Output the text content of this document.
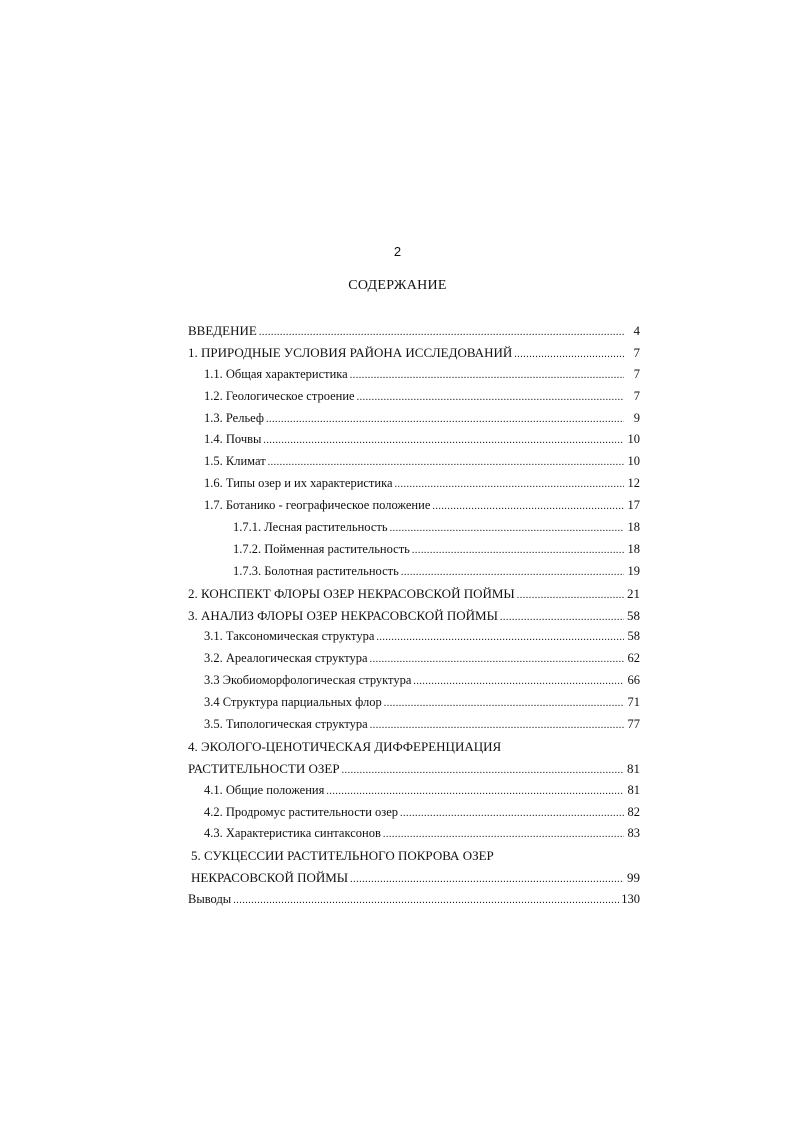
2
СОДЕРЖАНИЕ
ВВЕДЕНИЕ .....	4
1. ПРИРОДНЫЕ УСЛОВИЯ РАЙОНА ИССЛЕДОВАНИЙ .....	7
1.1. Общая характеристика .....	7
1.2. Геологическое строение .....	7
1.3. Рельеф .....	9
1.4. Почвы .....	10
1.5. Климат .....	10
1.6. Типы озер и их характеристика .....	12
1.7. Ботанико - географическое положение .....	17
1.7.1. Лесная растительность .....	18
1.7.2. Пойменная растительность .....	18
1.7.3. Болотная растительность .....	19
2. КОНСПЕКТ ФЛОРЫ ОЗЕР НЕКРАСОВСКОЙ ПОЙМЫ .....	21
3. АНАЛИЗ ФЛОРЫ ОЗЕР НЕКРАСОВСКОЙ ПОЙМЫ .....	58
3.1. Таксономическая структура .....	58
3.2. Ареалогическая структура .....	62
3.3 Экобиоморфологическая структура .....	66
3.4 Структура парциальных флор .....	71
3.5. Типологическая структура .....	77
4. ЭКОЛОГО-ЦЕНОТИЧЕСКАЯ ДИФФЕРЕНЦИАЦИЯ
РАСТИТЕЛЬНОСТИ ОЗЕР .....	81
4.1. Общие положения .....	81
4.2. Продромус растительности озер .....	82
4.3. Характеристика синтаксонов .....	83
5. СУКЦЕССИИ РАСТИТЕЛЬНОГО ПОКРОВА ОЗЕР
НЕКРАСОВСКОЙ ПОЙМЫ .....	99
Выводы .....	130
